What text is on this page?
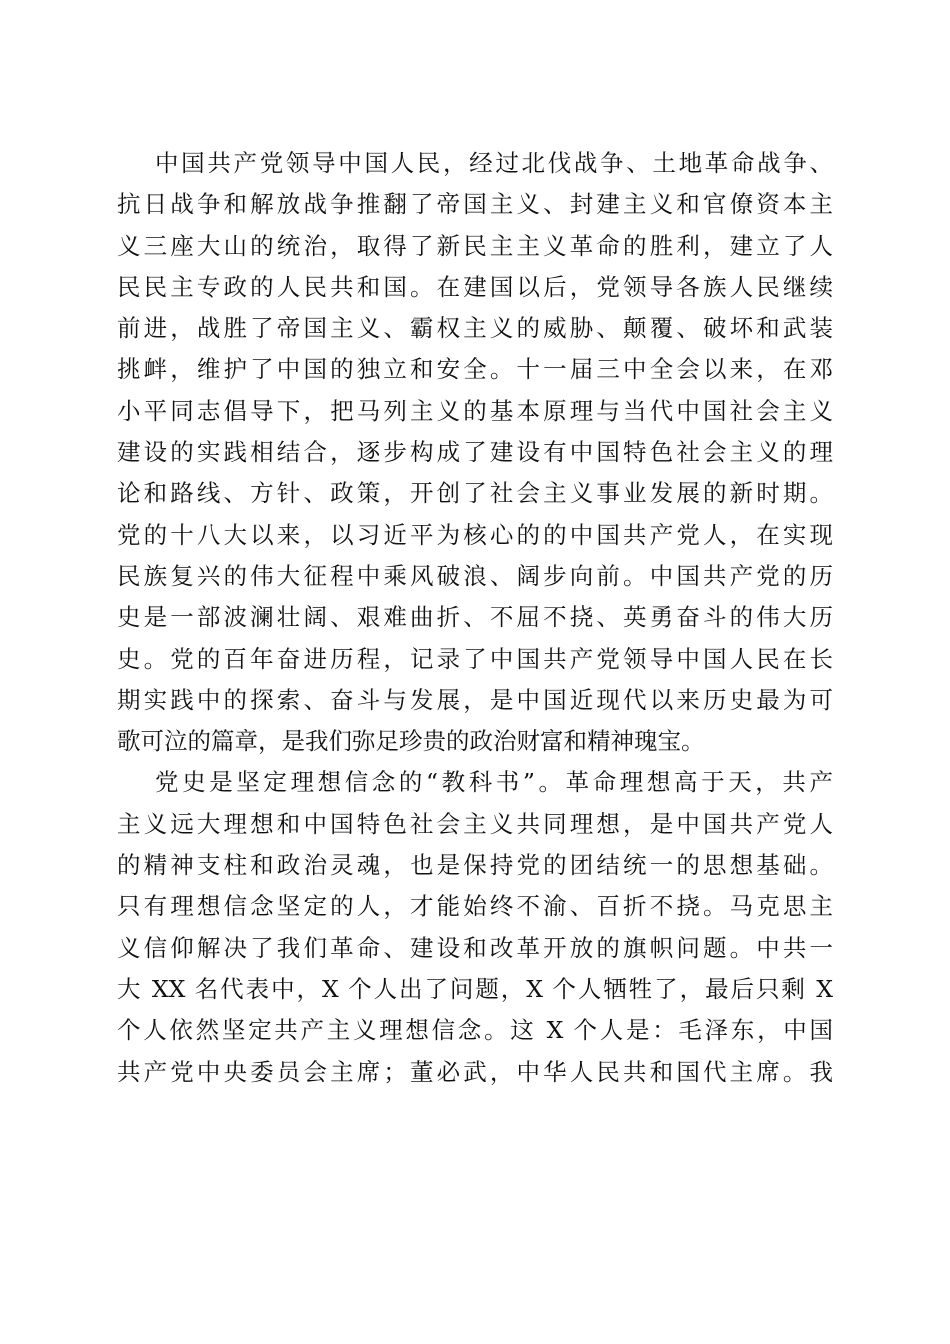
中国共产党领导中国人民，经过北伐战争、土地革命战争、
抗日战争和解放战争推翻了帝国主义、封建主义和官僚资本主
义三座大山的统治，取得了新民主主义革命的胜利，建立了人
民民主专政的人民共和国。在建国以后，党领导各族人民继续
前进，战胜了帝国主义、霸权主义的威胁、颠覆、破坏和武装
挑衅，维护了中国的独立和安全。十一届三中全会以来，在邓
小平同志倡导下，把马列主义的基本原理与当代中国社会主义
建设的实践相结合，逐步构成了建设有中国特色社会主义的理
论和路线、方针、政策，开创了社会主义事业发展的新时期。
党的十八大以来，以习近平为核心的的中国共产党人，在实现
民族复兴的伟大征程中乘风破浪、阔步向前。中国共产党的历
史是一部波澜壮阔、艰难曲折、不屈不挠、英勇奋斗的伟大历
史。党的百年奋进历程，记录了中国共产党领导中国人民在长
期实践中的探索、奋斗与发展，是中国近现代以来历史最为可
歌可泣的篇章，是我们弥足珍贵的政治财富和精神瑰宝。
党史是坚定理想信念的“教科书”。革命理想高于天，共产
主义远大理想和中国特色社会主义共同理想，是中国共产党人
的精神支柱和政治灵魂，也是保持党的团结统一的思想基础。
只有理想信念坚定的人，才能始终不渝、百折不挠。马克思主
义信仰解决了我们革命、建设和改革开放的旗帜问题。中共一
大 XX 名代表中，X 个人出了问题，X 个人牺牲了，最后只剩 X
个人依然坚定共产主义理想信念。这 X 个人是：毛泽东，中国
共产党中央委员会主席；董必武，中华人民共和国代主席。我
